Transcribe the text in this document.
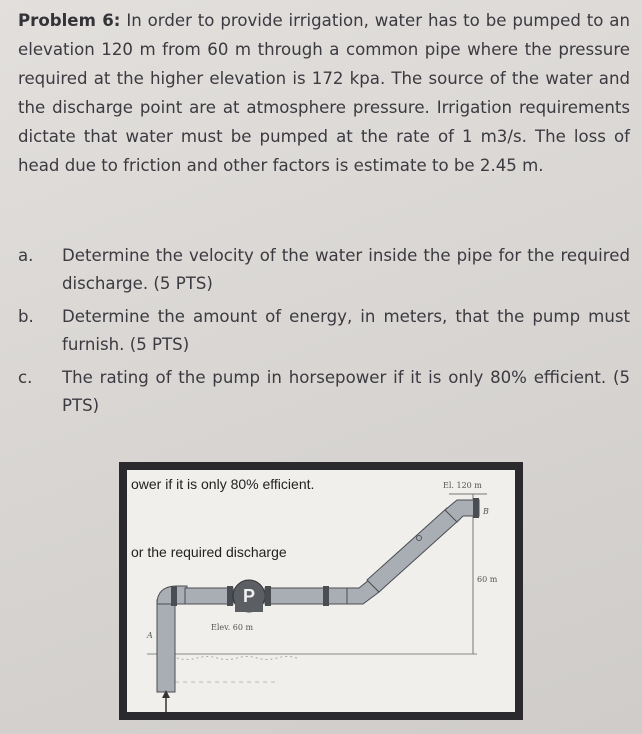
Problem 6: In order to provide irrigation, water has to be pumped to an elevation 120 m from 60 m through a common pipe where the pressure required at the higher elevation is 172 kpa. The source of the water and the discharge point are at atmosphere pressure. Irrigation requirements dictate that water must be pumped at the rate of 1 m3/s. The loss of head due to friction and other factors is estimate to be 2.45 m.

a.	Determine the velocity of the water inside the pipe for the required discharge. (5 PTS)
b.	Determine the amount of energy, in meters, that the pump must furnish. (5 PTS)
c.	The rating of the pump in horsepower if it is only 80% efficient. (5 PTS)
P
El. 120 m
B
60 m
A
Elev. 60 m
ower if it is only 80% efficient.
or the required discharge
